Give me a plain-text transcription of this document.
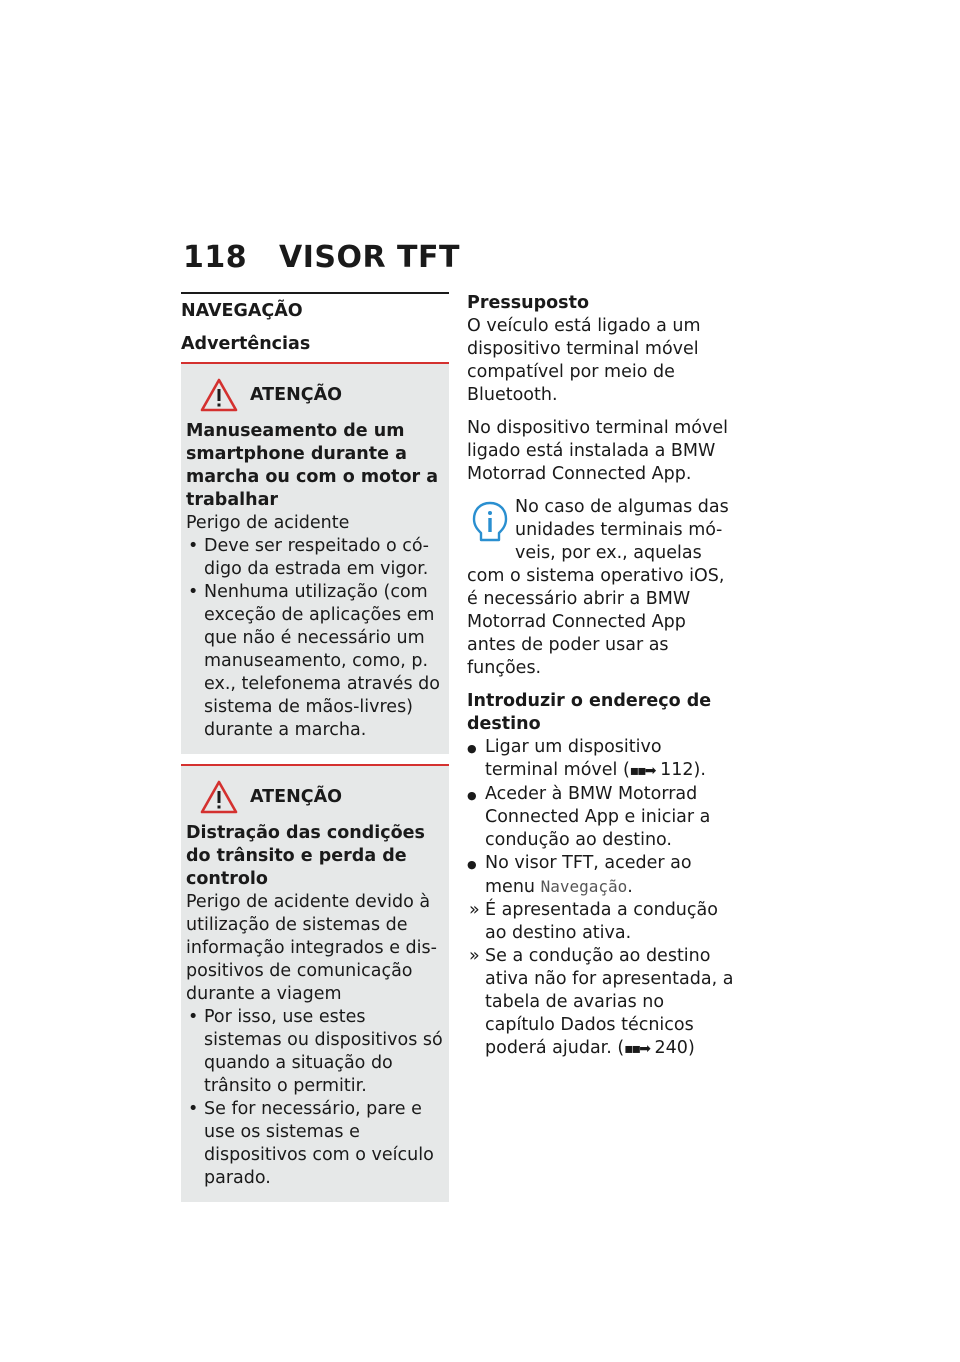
118 VISOR TFT
NAVEGAÇÃO
Advertências
ATENÇÃO
Manuseamento de um smartphone durante a marcha ou com o motor a trabalhar
Perigo de acidente
• Deve ser respeitado o código da estrada em vigor.
• Nenhuma utilização (com exceção de aplicações em que não é necessário um manuseamento, como, p. ex., telefonema através do sistema de mãos-livres) durante a marcha.
ATENÇÃO
Distração das condições do trânsito e perda de controlo
Perigo de acidente devido à utilização de sistemas de informação integrados e dispositivos de comunicação durante a viagem
• Por isso, use estes sistemas ou dispositivos só quando a situação do trânsito o permitir.
• Se for necessário, pare e use os sistemas e dispositivos com o veículo parado.
Pressuposto

O veículo está ligado a um dispositivo terminal móvel compatível por meio de Bluetooth.

No dispositivo terminal móvel ligado está instalada a BMW Motorrad Connected App.

No caso de algumas das unidades terminais móveis, por ex., aquelas com o sistema operativo iOS, é necessário abrir a BMW Motorrad Connected App antes de poder usar as funções.
Introduzir o endereço de destino
● Ligar um dispositivo terminal móvel (▪▪➡ 112).
● Aceder à BMW Motorrad Connected App e iniciar a condução ao destino.
● No visor TFT, aceder ao menu Navegação.
» É apresentada a condução ao destino ativa.
» Se a condução ao destino ativa não for apresentada, a tabela de avarias no capítulo Dados técnicos poderá ajudar. (▪▪➡ 240)
